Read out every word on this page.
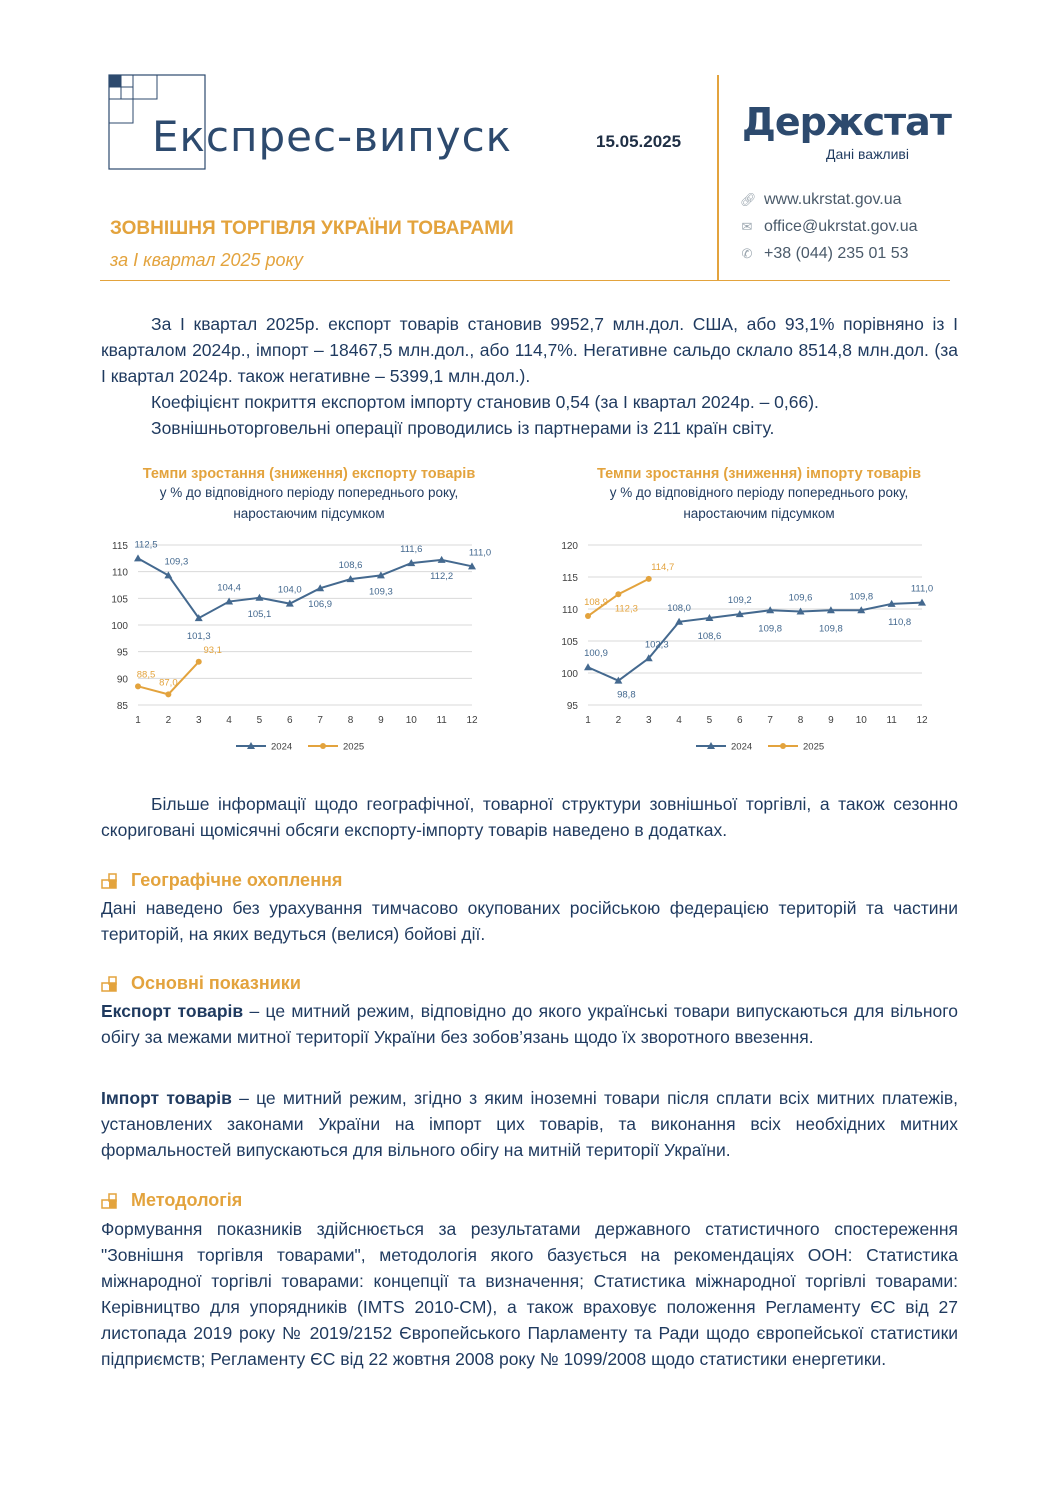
Експрес-випуск	15.05.2025 Держстат
Дані важливі
🔗︎ www.ukrstat.gov.ua
✉ office@ukrstat.gov.ua
✆ +38 (044) 235 01 53
ЗОВНІШНЯ ТОРГІВЛЯ УКРАЇНИ ТОВАРАМИ
за І квартал 2025 року
За І квартал 2025р. експорт товарів становив 9952,7 млн.дол. США, або 93,1% порівняно із І кварталом 2024р., імпорт – 18467,5 млн.дол., або 114,7%. Негативне сальдо склало 8514,8 млн.дол. (за І квартал 2024р. також негативне – 5399,1 млн.дол.).
Коефіцієнт покриття експортом імпорту становив 0,54 (за І квартал 2024р. – 0,66).
Зовнішньоторговельні операції проводились із партнерами із 211 країн світу.
Темпи зростання (зниження) експорту товарів
у % до відповідного періоду попереднього року,
наростаючим підсумком
115
110
105
100
95
90
85
1 2 3 4 5 6 7 8 9 10 11 12
112,5
109,3
101,3
104,4
105,1
104,0
106,9
108,6
109,3
111,6
112,2
111,0
88,5
87,0
93,1
2024	2025
Темпи зростання (зниження) імпорту товарів
у % до відповідного періоду попереднього року,
наростаючим підсумком
120
115
110
105
100
95
1 2 3 4 5 6 7 8 9 10 11 12
100,9
98,8
102,3
108,0
108,6
109,2
109,8
109,6
109,8
109,8
110,8
111,0
108,9
112,3
114,7
2024	2025
Більше інформації щодо географічної, товарної структури зовнішньої торгівлі, а також сезонно скориговані щомісячні обсяги експорту-імпорту товарів наведено в додатках.
Географічне охоплення
Дані наведено без урахування тимчасово окупованих російською федерацією територій та частини територій, на яких ведуться (велися) бойові дії.
Основні показники
Експорт товарів – це митний режим, відповідно до якого українські товари випускаються для вільного обігу за межами митної території України без зобов’язань щодо їх зворотного ввезення.
Імпорт товарів – це митний режим, згідно з яким іноземні товари після сплати всіх митних платежів, установлених законами України на імпорт цих товарів, та виконання всіх необхідних митних формальностей випускаються для вільного обігу на митній території України.
Методологія
Формування показників здійснюється за результатами державного статистичного спостереження "Зовнішня торгівля товарами", методологія якого базується на рекомендаціях ООН: Статистика міжнародної торгівлі товарами: концепції та визначення; Статистика міжнародної торгівлі товарами: Керівництво для упорядників (IMTS 2010-CM), а також враховує положення Регламенту ЄС від 27 листопада 2019 року № 2019/2152 Європейського Парламенту та Ради щодо європейської статистики підприємств; Регламенту ЄС від 22 жовтня 2008 року № 1099/2008 щодо статистики енергетики.
